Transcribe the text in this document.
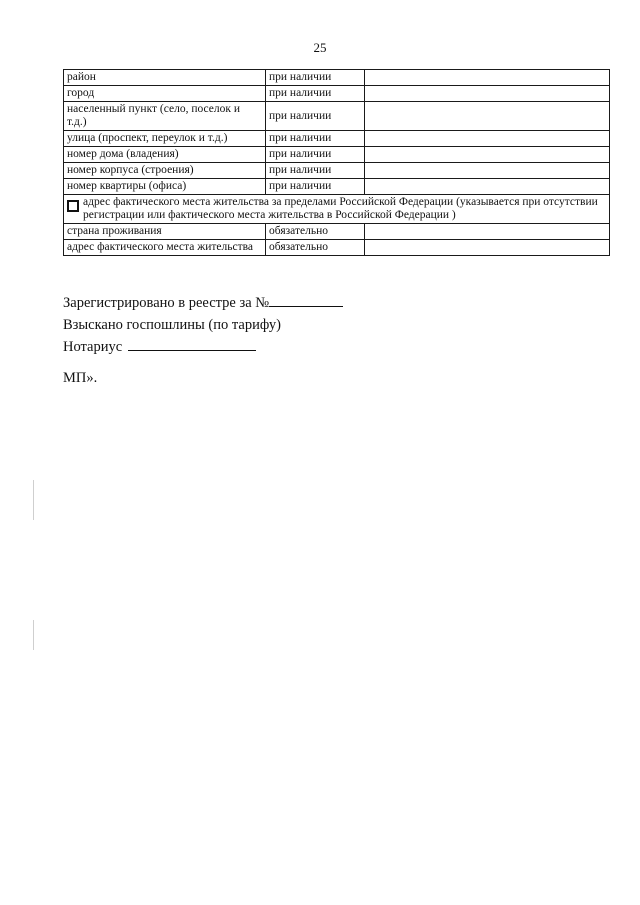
25
район	при наличии	
город	при наличии	
населенный пункт (село, поселок и т.д.)	при наличии	
улица (проспект, переулок и т.д.)	при наличии	
номер дома (владения)	при наличии	
номер корпуса (строения)	при наличии	
номер квартиры (офиса)	при наличии	

адрес фактического места жительства за пределами Российской Федерации (указывается при отсутствии регистрации или фактического места жительства в Российской Федерации )		

страна проживания	обязательно	
адрес фактического места жительства	обязательно	
Зарегистрировано в реестре за №
Взыскано госпошлины (по тарифу)
Нотариус
МП».
